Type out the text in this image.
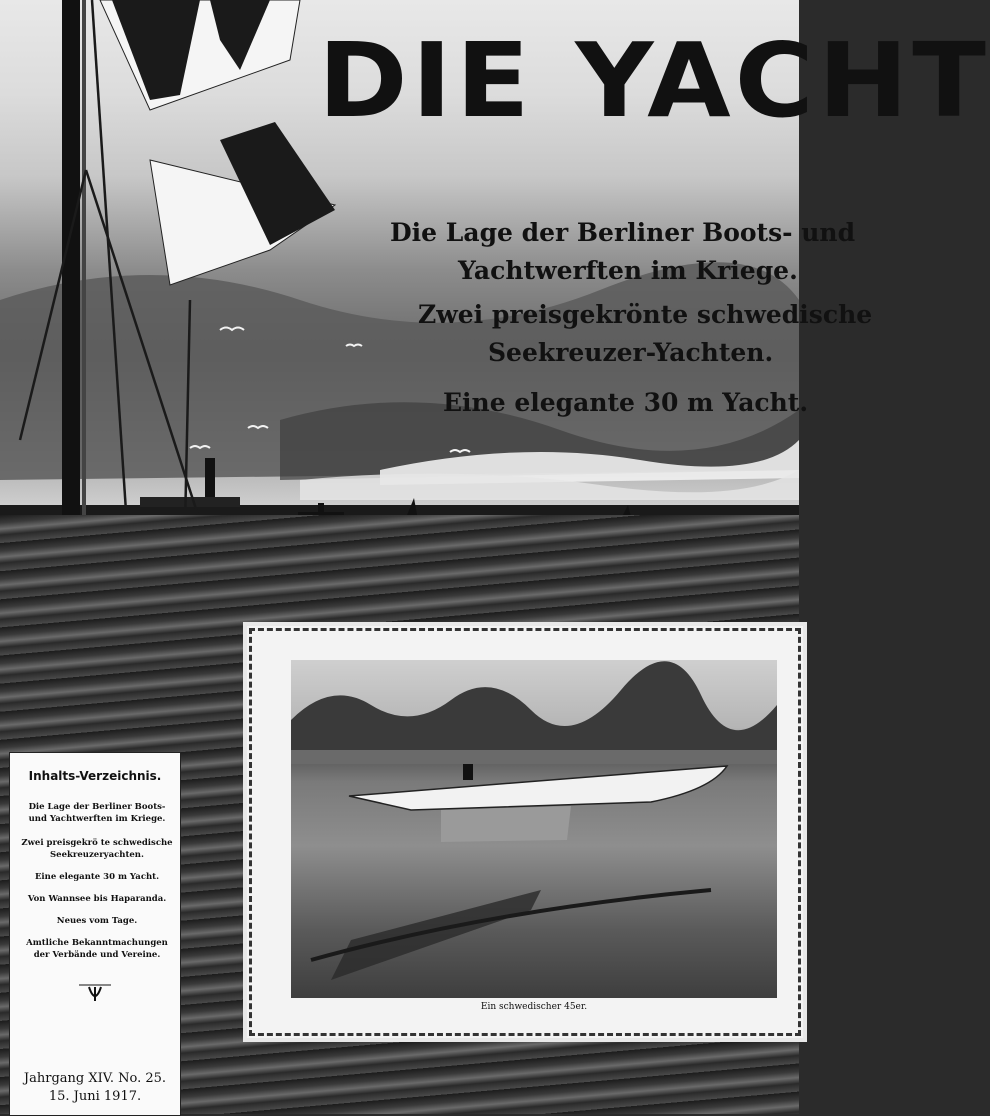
DIE YACHT
Die Lage der Berliner Boots- und
Yachtwerften im Kriege.
Zwei preisgekrönte schwedische
Seekreuzer-Yachten.
Eine elegante 30 m Yacht.
Inhalts-Verzeichnis.
Die Lage der Berliner Boots- und Yachtwerften im Kriege.
Zwei preisgekrö te schwedische Seekreuzeryachten.
Eine elegante 30 m Yacht.
Von Wannsee bis Haparanda.
Neues vom Tage.
Amtliche Bekanntmachungen der Verbände und Vereine.
Jahrgang XIV. No. 25.
15. Juni 1917.
Ein schwedischer 45er.
